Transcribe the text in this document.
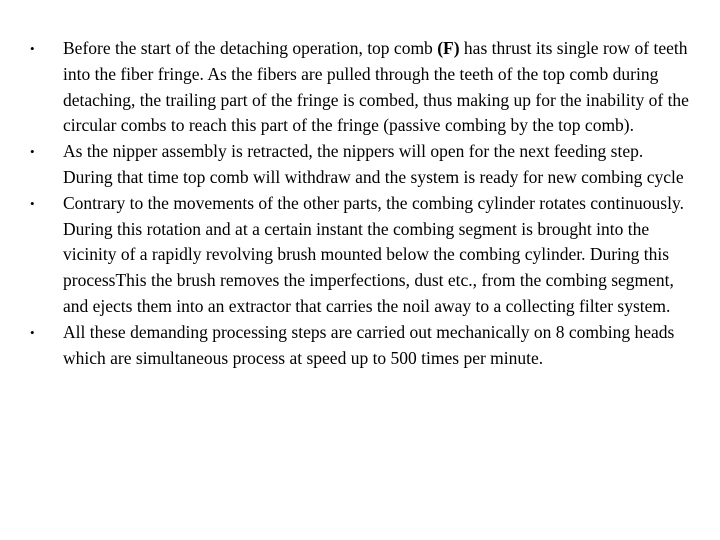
•	Before the start of the detaching operation, top comb (F) has thrust its single row of teeth into the fiber fringe. As the fibers are pulled through the teeth of the top comb during detaching, the trailing part of the fringe is combed, thus making up for the inability of the circular combs to reach this part of the fringe (passive combing by the top comb).
•	As the nipper assembly is retracted, the nippers will open for the next feeding step. During that time top comb will withdraw and the system is ready for new combing cycle
•	Contrary to the movements of the other parts, the combing cylinder rotates continuously. During this rotation and at a certain instant the combing segment is brought into the vicinity of a rapidly revolving brush mounted below the combing cylinder. During this processThis the brush removes the imperfections, dust etc., from the combing segment, and ejects them into an extractor that carries the noil away to a collecting filter system.
•	All these demanding processing steps are carried out mechanically on 8 combing heads which are simultaneous process at speed up to 500 times per minute.
